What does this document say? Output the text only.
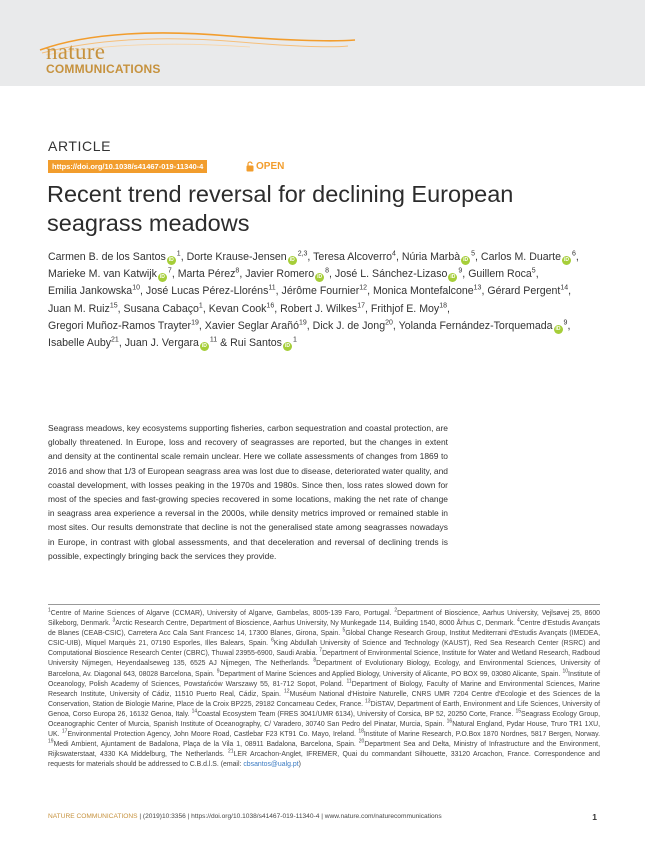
nature
COMMUNICATIONS
ARTICLE
https://doi.org/10.1038/s41467-019-11340-4	OPEN
Recent trend reversal for declining European seagrass meadows
Carmen B. de los Santos iD$^1$, Dorte Krause-Jensen iD$^{2,3}$, Teresa Alcoverro$^4$, Núria Marbà iD$^5$, Carlos M. Duarte iD$^6$, Marieke M. van Katwijk iD$^7$, Marta Pérez$^8$, Javier Romero iD$^8$, José L. Sánchez-Lizaso iD$^9$, Guillem Roca$^5$, Emilia Jankowska$^{10}$, José Lucas Pérez-Lloréns$^{11}$, Jérôme Fournier$^{12}$, Monica Montefalcone$^{13}$, Gérard Pergent$^{14}$, Juan M. Ruiz$^{15}$, Susana Cabaço$^1$, Kevan Cook$^{16}$, Robert J. Wilkes$^{17}$, Frithjof E. Moy$^{18}$, Gregori Muñoz-Ramos Trayter$^{19}$, Xavier Seglar Arañó$^{19}$, Dick J. de Jong$^{20}$, Yolanda Fernández-Torquemada iD$^9$, Isabelle Auby$^{21}$, Juan J. Vergara iD$^{11}$ & Rui Santos iD$^1$

Seagrass meadows, key ecosystems supporting fisheries, carbon sequestration and coastal protection, are globally threatened. In Europe, loss and recovery of seagrasses are reported, but the changes in extent and density at the continental scale remain unclear. Here we collate assessments of changes from 1869 to 2016 and show that 1/3 of European seagrass area was lost due to disease, deteriorated water quality, and coastal development, with losses peaking in the 1970s and 1980s. Since then, loss rates slowed down for most of the species and fast-growing species recovered in some locations, making the net rate of change in seagrass area experience a reversal in the 2000s, while density metrics improved or remained stable in most sites. Our results demonstrate that decline is not the generalised state among seagrasses nowadays in Europe, in contrast with global assessments, and that deceleration and reversal of declining trends is possible, expectingly bringing back the services they provide.

$^1$Centre of Marine Sciences of Algarve (CCMAR), University of Algarve, Gambelas, 8005-139 Faro, Portugal. $^2$Department of Bioscience, Aarhus University, Vejlsøvej 25, 8600 Silkeborg, Denmark. $^3$Arctic Research Centre, Department of Bioscience, Aarhus University, Ny Munkegade 114, Building 1540, 8000 Århus C, Denmark. $^4$Centre d'Estudis Avançats de Blanes (CEAB-CSIC), Carretera Acc Cala Sant Francesc 14, 17300 Blanes, Girona, Spain. $^5$Global Change Research Group, Institut Mediterrani d'Estudis Avançats (IMEDEA, CSIC-UIB), Miquel Marquès 21, 07190 Esporles, Illes Balears, Spain. $^6$King Abdullah University of Science and Technology (KAUST), Red Sea Research Center (RSRC) and Computational Bioscience Research Center (CBRC), Thuwal 23955-6900, Saudi Arabia. $^7$Department of Environmental Science, Institute for Water and Wetland Research, Radboud University Nijmegen, Heyendaalseweg 135, 6525 AJ Nijmegen, The Netherlands. $^8$Department of Evolutionary Biology, Ecology, and Environmental Sciences, University of Barcelona, Av. Diagonal 643, 08028 Barcelona, Spain. $^9$Department of Marine Sciences and Applied Biology, University of Alicante, PO BOX 99, 03080 Alicante, Spain. $^{10}$Institute of Oceanology, Polish Academy of Sciences, Powstańców Warszawy 55, 81-712 Sopot, Poland. $^{11}$Department of Biology, Faculty of Marine and Environmental Sciences, Marine Research Institute, University of Cádiz, 11510 Puerto Real, Cádiz, Spain. $^{12}$Muséum National d'Histoire Naturelle, CNRS UMR 7204 Centre d'Ecologie et des Sciences de la Conservation, Station de Biologie Marine, Place de la Croix BP225, 29182 Concarneau Cedex, France. $^{13}$DiSTAV, Department of Earth, Environment and Life Sciences, University of Genoa, Corso Europa 26, 16132 Genoa, Italy. $^{14}$Coastal Ecosystem Team (FRES 3041/UMR 6134), University of Corsica, BP 52, 20250 Corte, France. $^{15}$Seagrass Ecology Group, Oceanographic Center of Murcia, Spanish Institute of Oceanography, C/ Varadero, 30740 San Pedro del Pinatar, Murcia, Spain. $^{16}$Natural England, Pydar House, Truro TR1 1XU, UK. $^{17}$Environmental Protection Agency, John Moore Road, Castlebar F23 KT91 Co. Mayo, Ireland. $^{18}$Institute of Marine Research, P.O.Box 1870 Nordnes, 5817 Bergen, Norway. $^{19}$Medi Ambient, Ajuntament de Badalona, Plaça de la Vila 1, 08911 Badalona, Barcelona, Spain. $^{20}$Department Sea and Delta, Ministry of Infrastructure and the Environment, Rijkswaterstaat, 4330 KA Middelburg, The Netherlands. $^{21}$LER Arcachon-Anglet, IFREMER, Quai du commandant Silhouette, 33120 Arcachon, France. Correspondence and requests for materials should be addressed to C.B.d.l.S. (email: cbsantos@ualg.pt)
NATURE COMMUNICATIONS | (2019)10:3356 | https://doi.org/10.1038/s41467-019-11340-4 | www.nature.com/naturecommunications	1
